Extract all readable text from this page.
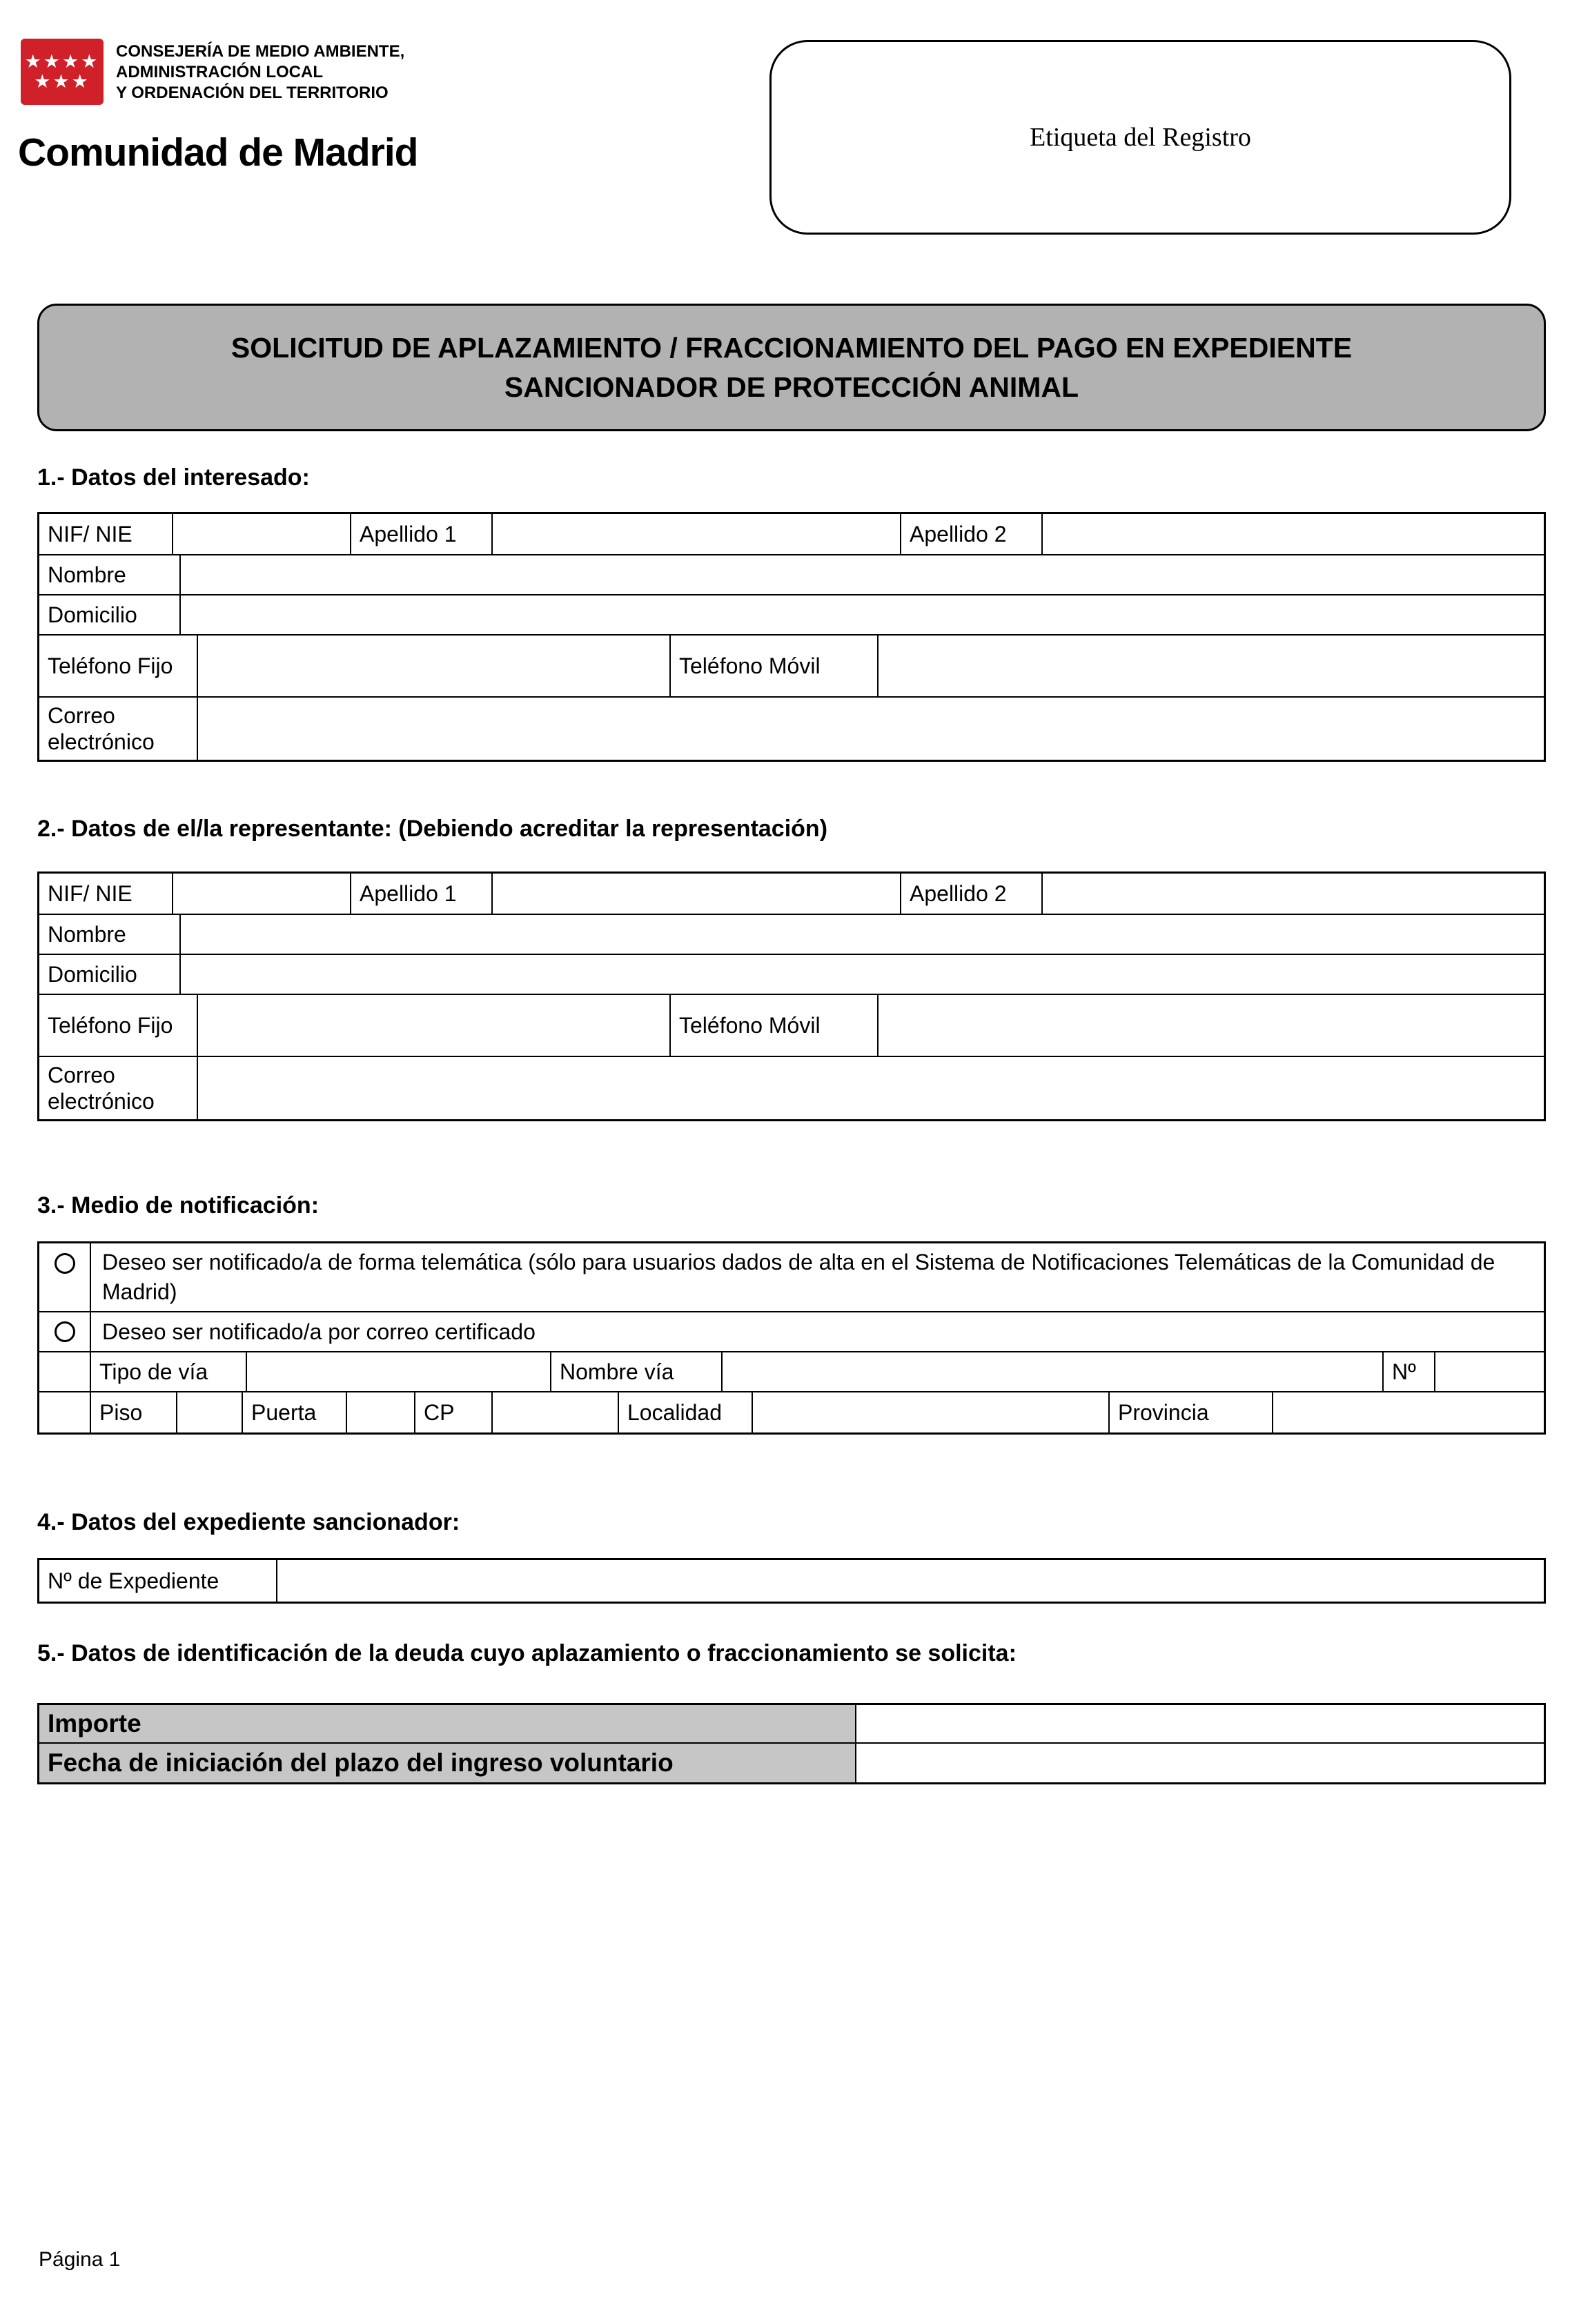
★★★★
★★★
CONSEJERÍA DE MEDIO AMBIENTE,
ADMINISTRACIÓN LOCAL
Y ORDENACIÓN DEL TERRITORIO
Comunidad de Madrid	Etiqueta del Registro
SOLICITUD DE APLAZAMIENTO / FRACCIONAMIENTO DEL PAGO EN EXPEDIENTE
SANCIONADOR DE PROTECCIÓN ANIMAL
1.- Datos del interesado:
NIF/ NIE	Apellido 1	Apellido 2
Nombre
Domicilio
Teléfono Fijo	Teléfono Móvil
Correo electrónico
2.- Datos de el/la representante: (Debiendo acreditar la representación)
NIF/ NIE	Apellido 1	Apellido 2
Nombre
Domicilio
Teléfono Fijo	Teléfono Móvil
Correo electrónico
3.- Medio de notificación:
Deseo ser notificado/a de forma telemática (sólo para usuarios dados de alta en el Sistema de Notificaciones Telemáticas de la Comunidad de Madrid)
Deseo ser notificado/a por correo certificado
Tipo de vía	Nombre vía	Nº
Piso	Puerta	CP	Localidad	Provincia
4.- Datos del expediente sancionador:
Nº de Expediente
5.- Datos de identificación de la deuda cuyo aplazamiento o fraccionamiento se solicita:
Importe
Fecha de iniciación del plazo del ingreso voluntario
Página 1
